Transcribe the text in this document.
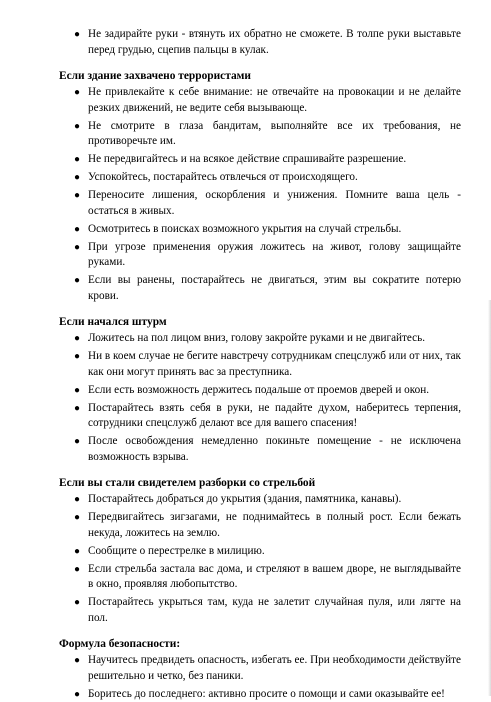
● Не задирайте руки - втянуть их обратно не сможете. В толпе руки выставьте перед грудью, сцепив пальцы в кулак.
Если здание захвачено террористами
● Не привлекайте к себе внимание: не отвечайте на провокации и не делайте резких движений, не ведите себя вызывающе.
● Не смотрите в глаза бандитам, выполняйте все их требования, не противоречьте им.
● Не передвигайтесь и на всякое действие спрашивайте разрешение.
● Успокойтесь, постарайтесь отвлечься от происходящего.
● Переносите лишения, оскорбления и унижения. Помните ваша цель - остаться в живых.
● Осмотритесь в поисках возможного укрытия на случай стрельбы.
● При угрозе применения оружия ложитесь на живот, голову защищайте руками.
● Если вы ранены, постарайтесь не двигаться, этим вы сократите потерю крови.
Если начался штурм
● Ложитесь на пол лицом вниз, голову закройте руками и не двигайтесь.
● Ни в коем случае не бегите навстречу сотрудникам спецслужб или от них, так как они могут принять вас за преступника.
● Если есть возможность держитесь подальше от проемов дверей и окон.
● Постарайтесь взять себя в руки, не падайте духом, наберитесь терпения, сотрудники спецслужб делают все для вашего спасения!
● После освобождения немедленно покиньте помещение - не исключена возможность взрыва.
Если вы стали свидетелем разборки со стрельбой
● Постарайтесь добраться до укрытия (здания, памятника, канавы).
● Передвигайтесь зигзагами, не поднимайтесь в полный рост. Если бежать некуда, ложитесь на землю.
● Сообщите о перестрелке в милицию.
● Если стрельба застала вас дома, и стреляют в вашем дворе, не выглядывайте в окно, проявляя любопытство.
● Постарайтесь укрыться там, куда не залетит случайная пуля, или лягте на пол.
Формула безопасности:
● Научитесь предвидеть опасность, избегать ее. При необходимости действуйте решительно и четко, без паники.
● Боритесь до последнего: активно просите о помощи и сами оказывайте ее!
